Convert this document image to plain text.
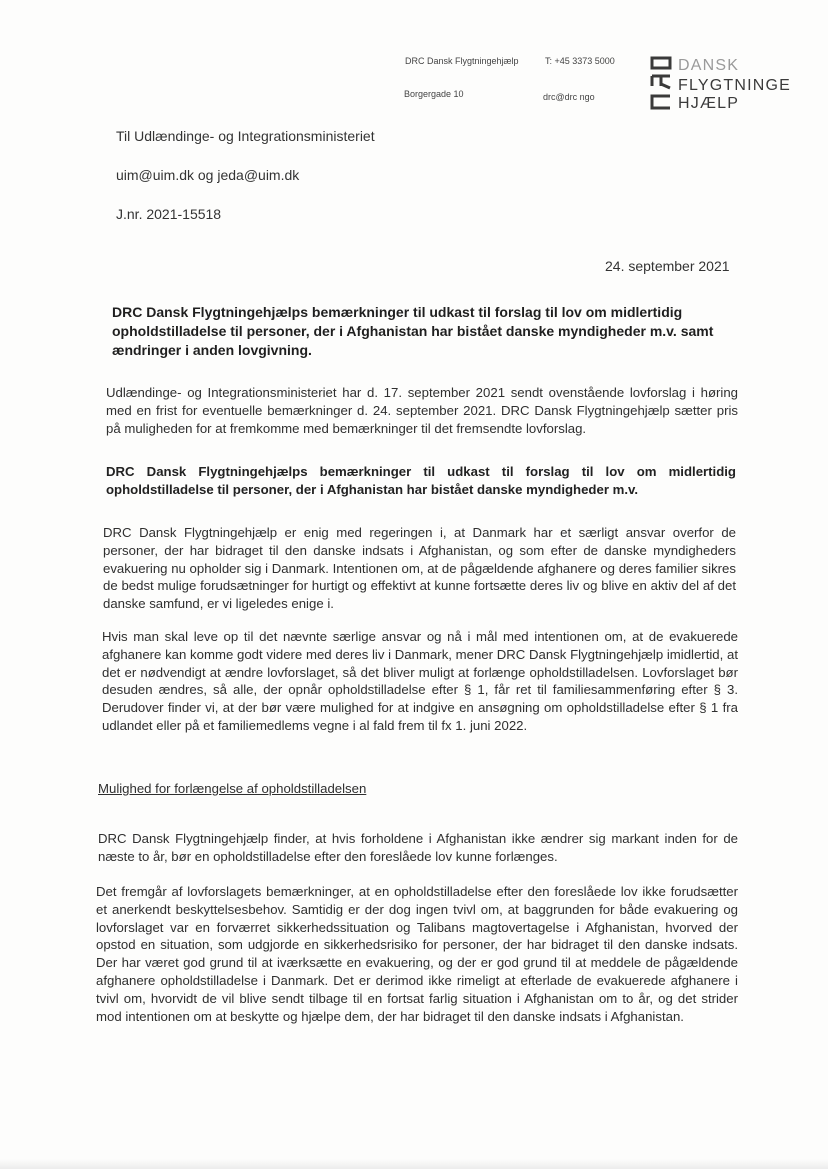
DRC Dansk Flygtningehjælp	T: +45 3373 5000
Borgergade 10	drc@drc ngo
DANSK
FLYGTNINGE
HJÆLP
Til Udlændinge- og Integrationsministeriet
uim@uim.dk og jeda@uim.dk
J.nr. 2021-15518
24. september 2021
DRC Dansk Flygtningehjælps bemærkninger til udkast til forslag til lov om midlertidig opholdstilladelse til personer, der i Afghanistan har bistået danske myndigheder m.v. samt ændringer i anden lovgivning.
Udlændinge- og Integrationsministeriet har d. 17. september 2021 sendt ovenstående lovforslag i høring med en frist for eventuelle bemærkninger d. 24. september 2021. DRC Dansk Flygtningehjælp sætter pris på muligheden for at fremkomme med bemærkninger til det fremsendte lovforslag.
DRC Dansk Flygtningehjælps bemærkninger til udkast til forslag til lov om midlertidig opholdstilladelse til personer, der i Afghanistan har bistået danske myndigheder m.v.
DRC Dansk Flygtningehjælp er enig med regeringen i, at Danmark har et særligt ansvar overfor de personer, der har bidraget til den danske indsats i Afghanistan, og som efter de danske myndigheders evakuering nu opholder sig i Danmark. Intentionen om, at de pågældende afghanere og deres familier sikres de bedst mulige forudsætninger for hurtigt og effektivt at kunne fortsætte deres liv og blive en aktiv del af det danske samfund, er vi ligeledes enige i.
Hvis man skal leve op til det nævnte særlige ansvar og nå i mål med intentionen om, at de evakuerede afghanere kan komme godt videre med deres liv i Danmark, mener DRC Dansk Flygtningehjælp imidlertid, at det er nødvendigt at ændre lovforslaget, så det bliver muligt at forlænge opholdstilladelsen. Lovforslaget bør desuden ændres, så alle, der opnår opholdstilladelse efter § 1, får ret til familiesammenføring efter § 3. Derudover finder vi, at der bør være mulighed for at indgive en ansøgning om opholdstilladelse efter § 1 fra udlandet eller på et familiemedlems vegne i al fald frem til fx 1. juni 2022.
Mulighed for forlængelse af opholdstilladelsen
DRC Dansk Flygtningehjælp finder, at hvis forholdene i Afghanistan ikke ændrer sig markant inden for de næste to år, bør en opholdstilladelse efter den foreslåede lov kunne forlænges.
Det fremgår af lovforslagets bemærkninger, at en opholdstilladelse efter den foreslåede lov ikke forudsætter et anerkendt beskyttelsesbehov. Samtidig er der dog ingen tvivl om, at baggrunden for både evakuering og lovforslaget var en forværret sikkerhedssituation og Talibans magtovertagelse i Afghanistan, hvorved der opstod en situation, som udgjorde en sikkerhedsrisiko for personer, der har bidraget til den danske indsats. Der har været god grund til at iværksætte en evakuering, og der er god grund til at meddele de pågældende afghanere opholdstilladelse i Danmark. Det er derimod ikke rimeligt at efterlade de evakuerede afghanere i tvivl om, hvorvidt de vil blive sendt tilbage til en fortsat farlig situation i Afghanistan om to år, og det strider mod intentionen om at beskytte og hjælpe dem, der har bidraget til den danske indsats i Afghanistan.
